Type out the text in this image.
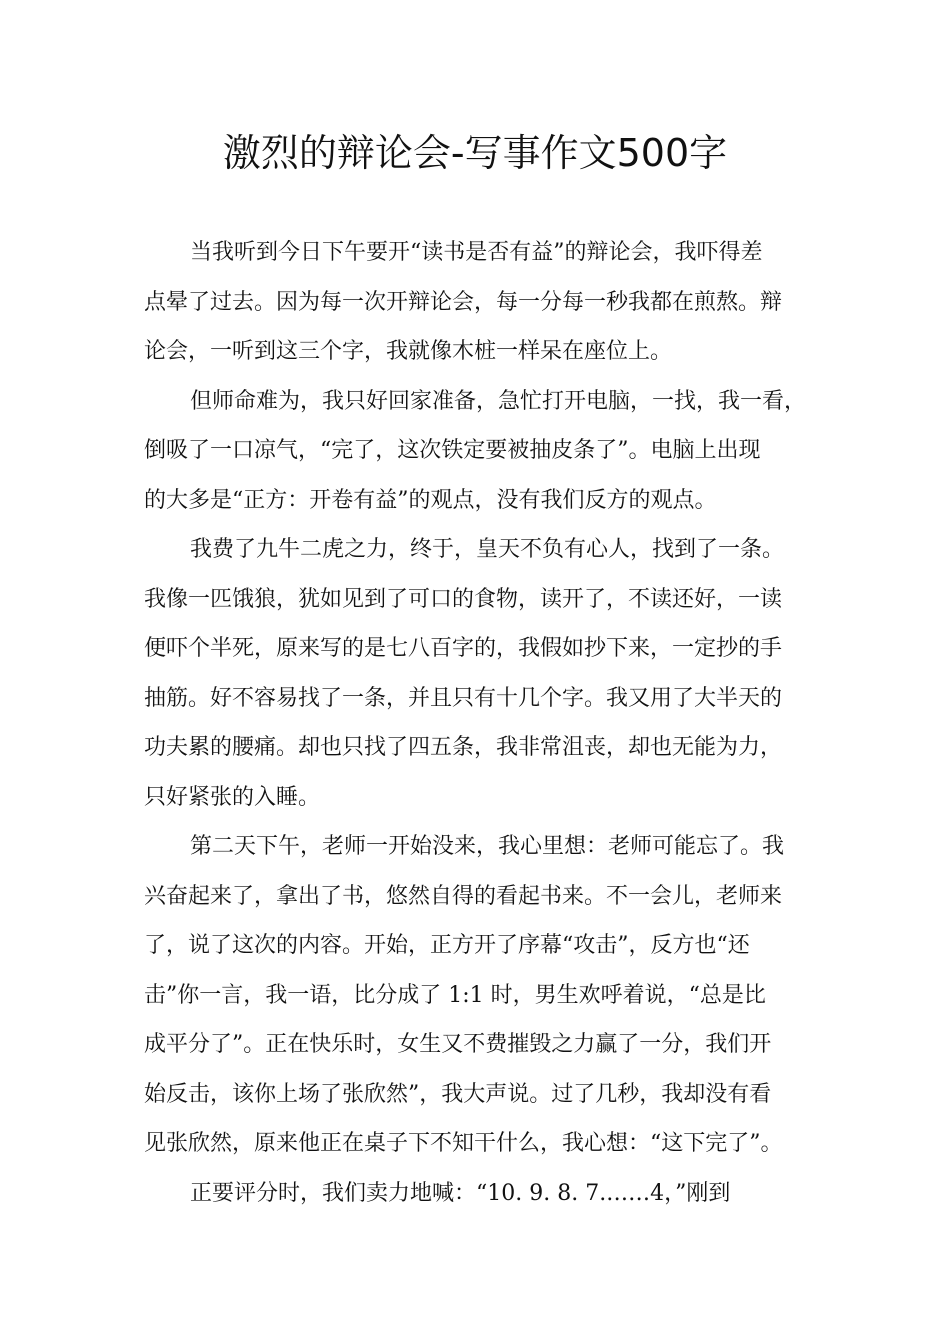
激烈的辩论会-写事作文500字
当我听到今日下午要开“读书是否有益”的辩论会，我吓得差
点晕了过去。因为每一次开辩论会，每一分每一秒我都在煎熬。辩
论会，一听到这三个字，我就像木桩一样呆在座位上。
但师命难为，我只好回家准备，急忙打开电脑，一找，我一看，
倒吸了一口凉气，“完了，这次铁定要被抽皮条了”。电脑上出现
的大多是“正方：开卷有益”的观点，没有我们反方的观点。
我费了九牛二虎之力，终于，皇天不负有心人，找到了一条。
我像一匹饿狼，犹如见到了可口的食物，读开了，不读还好，一读
便吓个半死，原来写的是七八百字的，我假如抄下来，一定抄的手
抽筋。好不容易找了一条，并且只有十几个字。我又用了大半天的
功夫累的腰痛。却也只找了四五条，我非常沮丧，却也无能为力，
只好紧张的入睡。
第二天下午，老师一开始没来，我心里想：老师可能忘了。我
兴奋起来了，拿出了书，悠然自得的看起书来。不一会儿，老师来
了，说了这次的内容。开始，正方开了序幕“攻击”，反方也“还
击”你一言，我一语，比分成了 1:1 时，男生欢呼着说，“总是比
成平分了”。正在快乐时，女生又不费摧毁之力赢了一分，我们开
始反击，该你上场了张欣然”，我大声说。过了几秒，我却没有看
见张欣然，原来他正在桌子下不知干什么，我心想：“这下完了”。
正要评分时，我们卖力地喊：“10. 9. 8. 7.……4，”刚到
